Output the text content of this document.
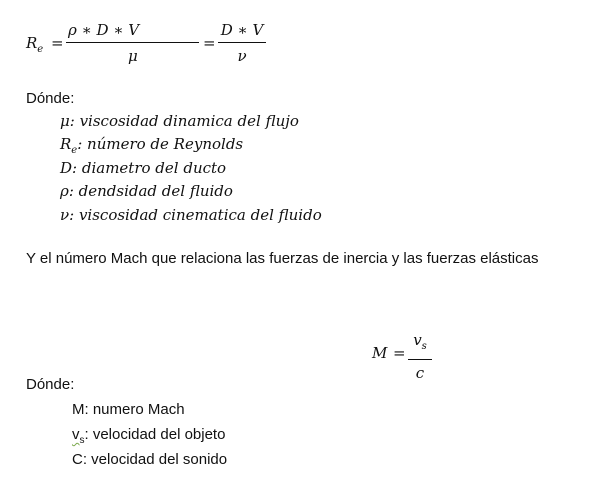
$R_e$ =
ρ ∗ D ∗ V
μ
=
D ∗ V
ν
Dónde:
μ: viscosidad dinamica del flujo
$R_e$: número de Reynolds
D: diametro del ducto
ρ: dendsidad del fluido
ν: viscosidad cinematica del fluido
Y el número Mach que relaciona las fuerzas de inercia y las fuerzas elásticas
M =
$v_s$
c
Dónde:
M: numero Mach
$v_s$: velocidad del objeto
C: velocidad del sonido
